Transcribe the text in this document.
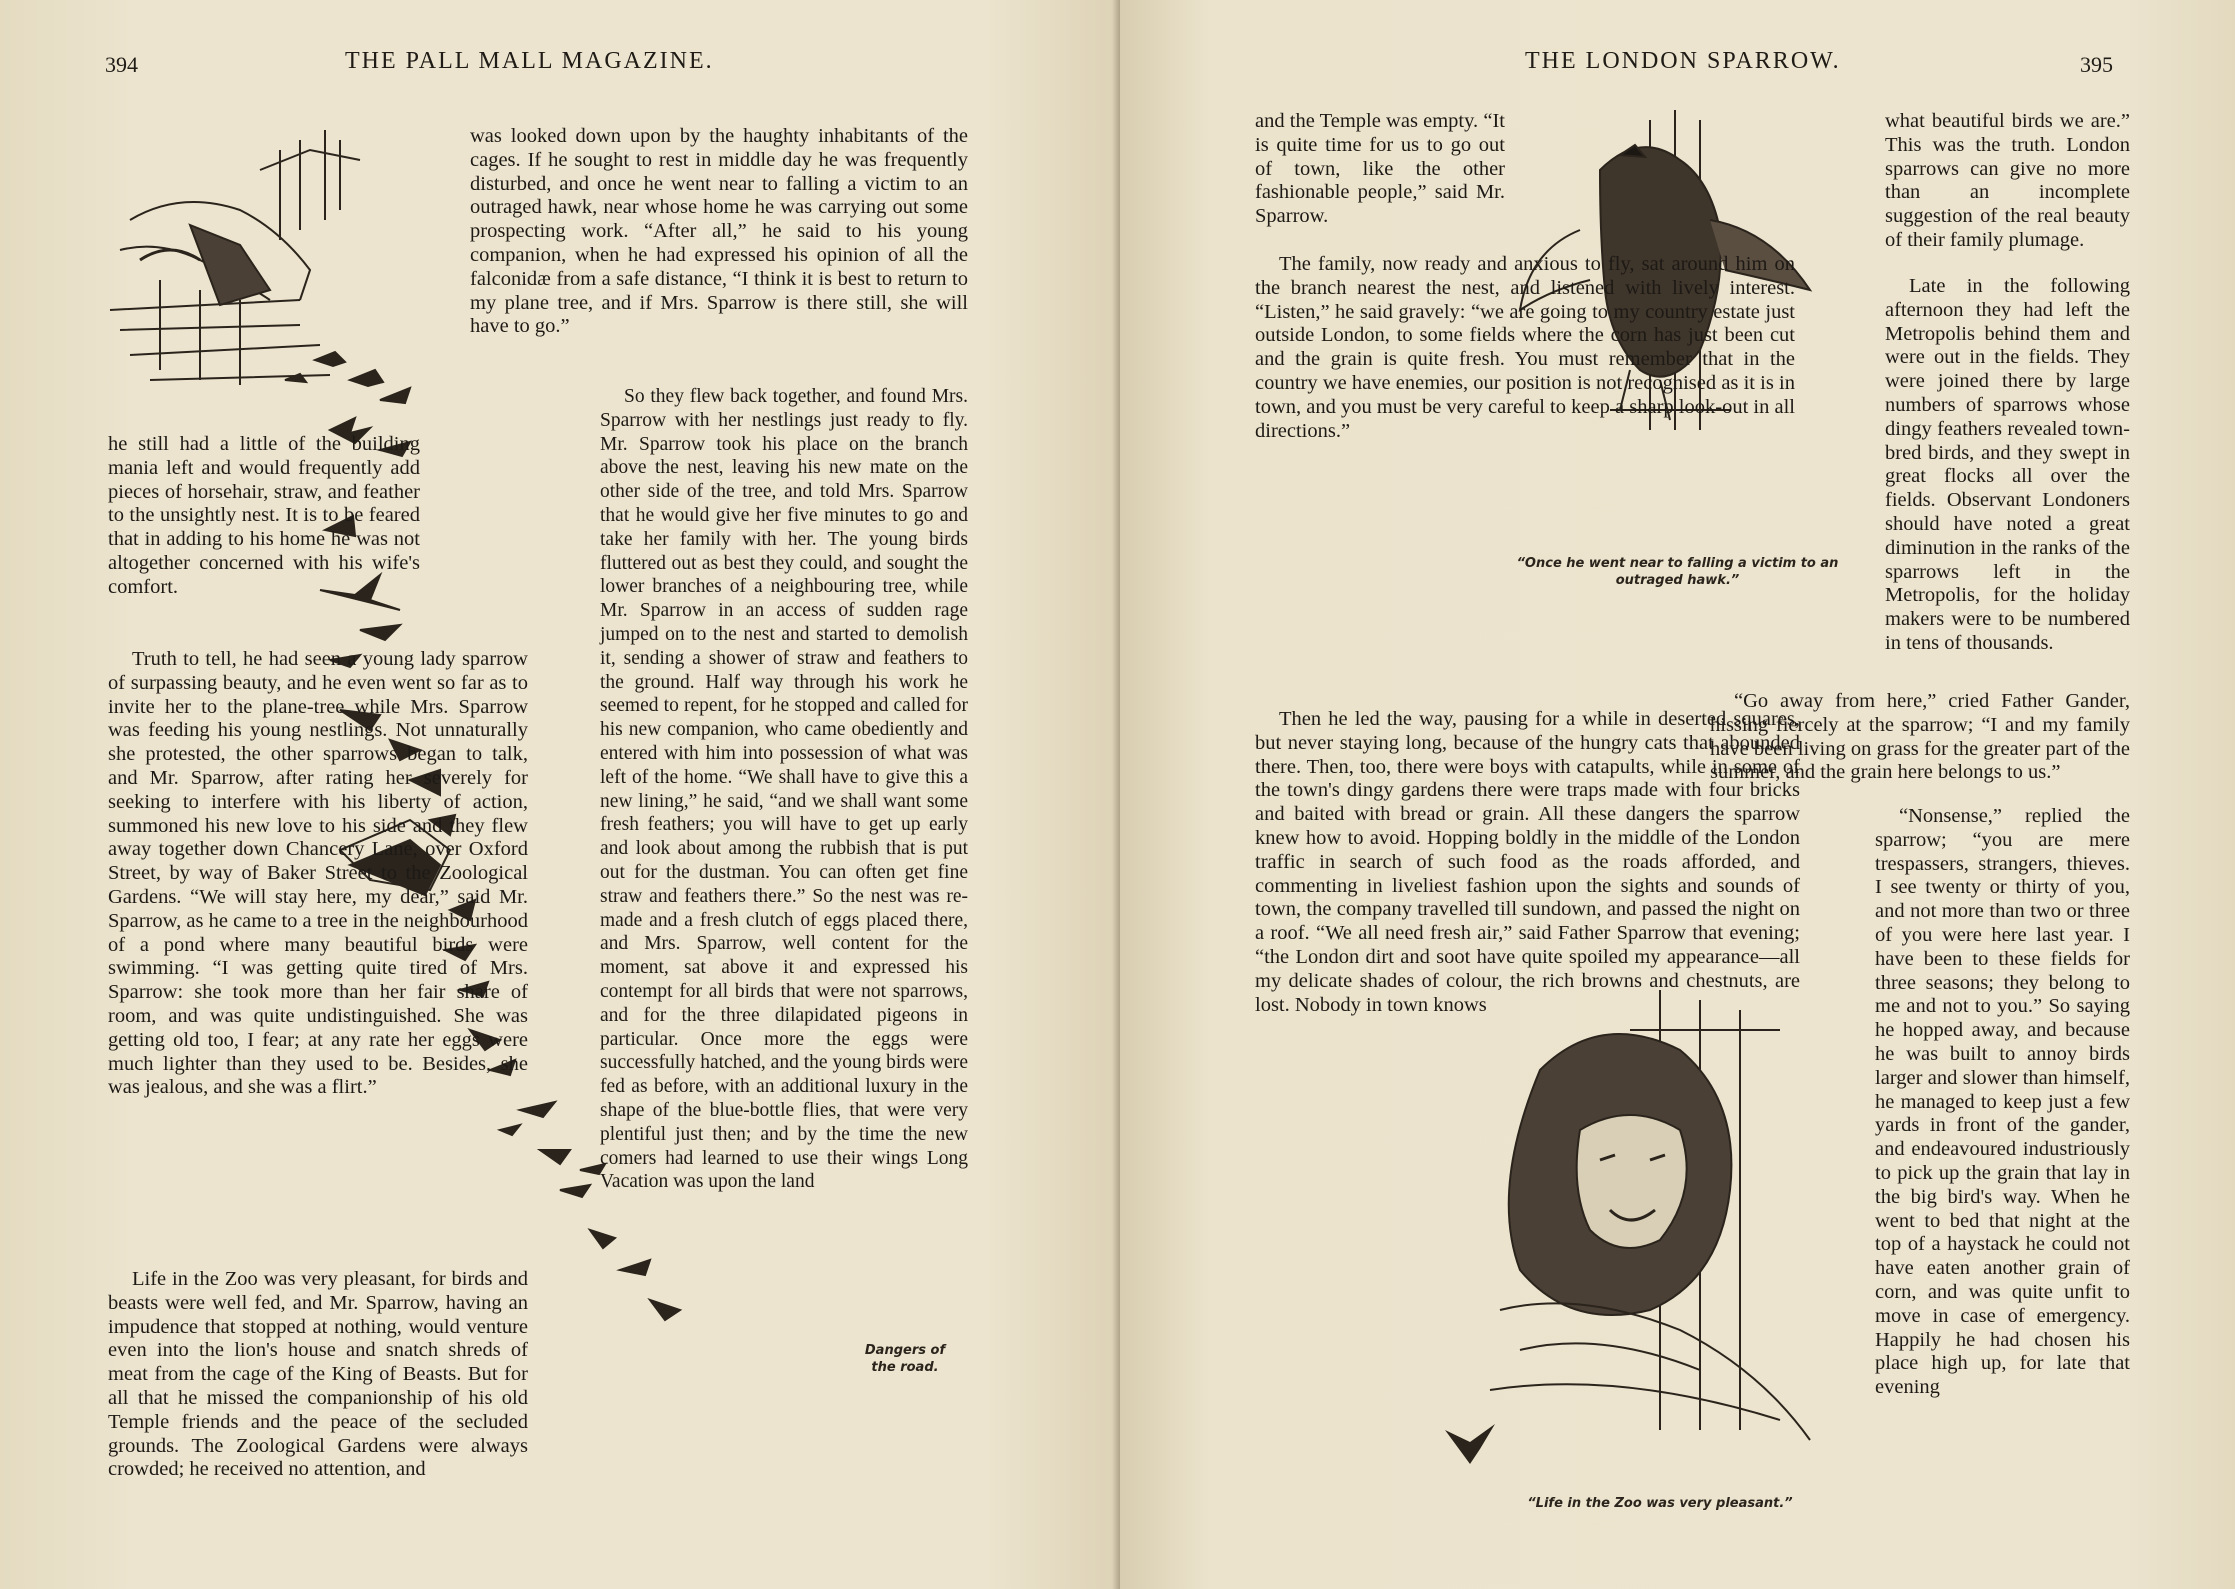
394	THE PALL MALL MAGAZINE.

he still had a little of the building mania left and would frequently add pieces of horsehair, straw, and feather to the unsightly nest. It is to be feared that in adding to his home he was not altogether concerned with his wife's comfort.

Truth to tell, he had seen a young lady sparrow of surpassing beauty, and he even went so far as to invite her to the plane-tree while Mrs. Sparrow was feeding his young nestlings. Not unnaturally she protested, the other sparrows began to talk, and Mr. Sparrow, after rating her severely for seeking to interfere with his liberty of action, summoned his new love to his side and they flew away together down Chancery Lane, over Oxford Street, by way of Baker Street to the Zoological Gardens. “We will stay here, my dear,” said Mr. Sparrow, as he came to a tree in the neighbourhood of a pond where many beautiful birds were swimming. “I was getting quite tired of Mrs. Sparrow: she took more than her fair share of room, and was quite undistinguished. She was getting old too, I fear; at any rate her eggs were much lighter than they used to be. Besides, she was jealous, and she was a flirt.”

Life in the Zoo was very pleasant, for birds and beasts were well fed, and Mr. Sparrow, having an impudence that stopped at nothing, would venture even into the lion's house and snatch shreds of meat from the cage of the King of Beasts. But for all that he missed the companionship of his old Temple friends and the peace of the secluded grounds. The Zoological Gardens were always crowded; he received no attention, and

was looked down upon by the haughty inhabitants of the cages. If he sought to rest in middle day he was frequently disturbed, and once he went near to falling a victim to an outraged hawk, near whose home he was carrying out some prospecting work. “After all,” he said to his young companion, when he had expressed his opinion of all the falconidæ from a safe distance, “I think it is best to return to my plane tree, and if Mrs. Sparrow is there still, she will have to go.”

So they flew back together, and found Mrs. Sparrow with her nestlings just ready to fly. Mr. Sparrow took his place on the branch above the nest, leaving his new mate on the other side of the tree, and told Mrs. Sparrow that he would give her five minutes to go and take her family with her. The young birds fluttered out as best they could, and sought the lower branches of a neighbouring tree, while Mr. Sparrow in an access of sudden rage jumped on to the nest and started to demolish it, sending a shower of straw and feathers to the ground. Half way through his work he seemed to repent, for he stopped and called for his new companion, who came obediently and entered with him into possession of what was left of the home. “We shall have to give this a new lining,” he said, “and we shall want some fresh feathers; you will have to get up early and look about among the rubbish that is put out for the dustman. You can often get fine straw and feathers there.” So the nest was re-made and a fresh clutch of eggs placed there, and Mrs. Sparrow, well content for the moment, sat above it and expressed his contempt for all birds that were not sparrows, and for the three dilapidated pigeons in particular. Once more the eggs were successfully hatched, and the young birds were fed as before, with an additional luxury in the shape of the blue-bottle flies, that were very plentiful just then; and by the time the new comers had learned to use their wings Long Vacation was upon the land

Dangers of the road.
THE LONDON SPARROW.	395
“Once he went near to falling a victim to an outraged hawk.”
“Life in the Zoo was very pleasant.”

and the Temple was empty. “It is quite time for us to go out of town, like the other fashionable people,” said Mr. Sparrow.

The family, now ready and anxious to fly, sat around him on the branch nearest the nest, and listened with lively interest. “Listen,” he said gravely: “we are going to my country estate just outside London, to some fields where the corn has just been cut and the grain is quite fresh. You must remember that in the country we have enemies, our position is not recognised as it is in town, and you must be very careful to keep a sharp look-out in all directions.”

Then he led the way, pausing for a while in deserted squares, but never staying long, because of the hungry cats that abounded there. Then, too, there were boys with catapults, while in some of the town's dingy gardens there were traps made with four bricks and baited with bread or grain. All these dangers the sparrow knew how to avoid. Hopping boldly in the middle of the London traffic in search of such food as the roads afforded, and commenting in liveliest fashion upon the sights and sounds of town, the company travelled till sundown, and passed the night on a roof. “We all need fresh air,” said Father Sparrow that evening; “the London dirt and soot have quite spoiled my appearance—all my delicate shades of colour, the rich browns and chestnuts, are lost. Nobody in town knows

what beautiful birds we are.” This was the truth. London sparrows can give no more than an incomplete suggestion of the real beauty of their family plumage.

Late in the following afternoon they had left the Metropolis behind them and were out in the fields. They were joined there by large numbers of sparrows whose dingy feathers revealed town-bred birds, and they swept in great flocks all over the fields. Observant Londoners should have noted a great diminution in the ranks of the sparrows left in the Metropolis, for the holiday makers were to be numbered in tens of thousands.

“Go away from here,” cried Father Gander, hissing fiercely at the sparrow; “I and my family have been living on grass for the greater part of the summer, and the grain here belongs to us.”

“Nonsense,” replied the sparrow; “you are mere trespassers, strangers, thieves. I see twenty or thirty of you, and not more than two or three of you were here last year. I have been to these fields for three seasons; they belong to me and not to you.” So saying he hopped away, and because he was built to annoy birds larger and slower than himself, he managed to keep just a few yards in front of the gander, and endeavoured industriously to pick up the grain that lay in the big bird's way. When he went to bed that night at the top of a haystack he could not have eaten another grain of corn, and was quite unfit to move in case of emergency. Happily he had chosen his place high up, for late that evening
